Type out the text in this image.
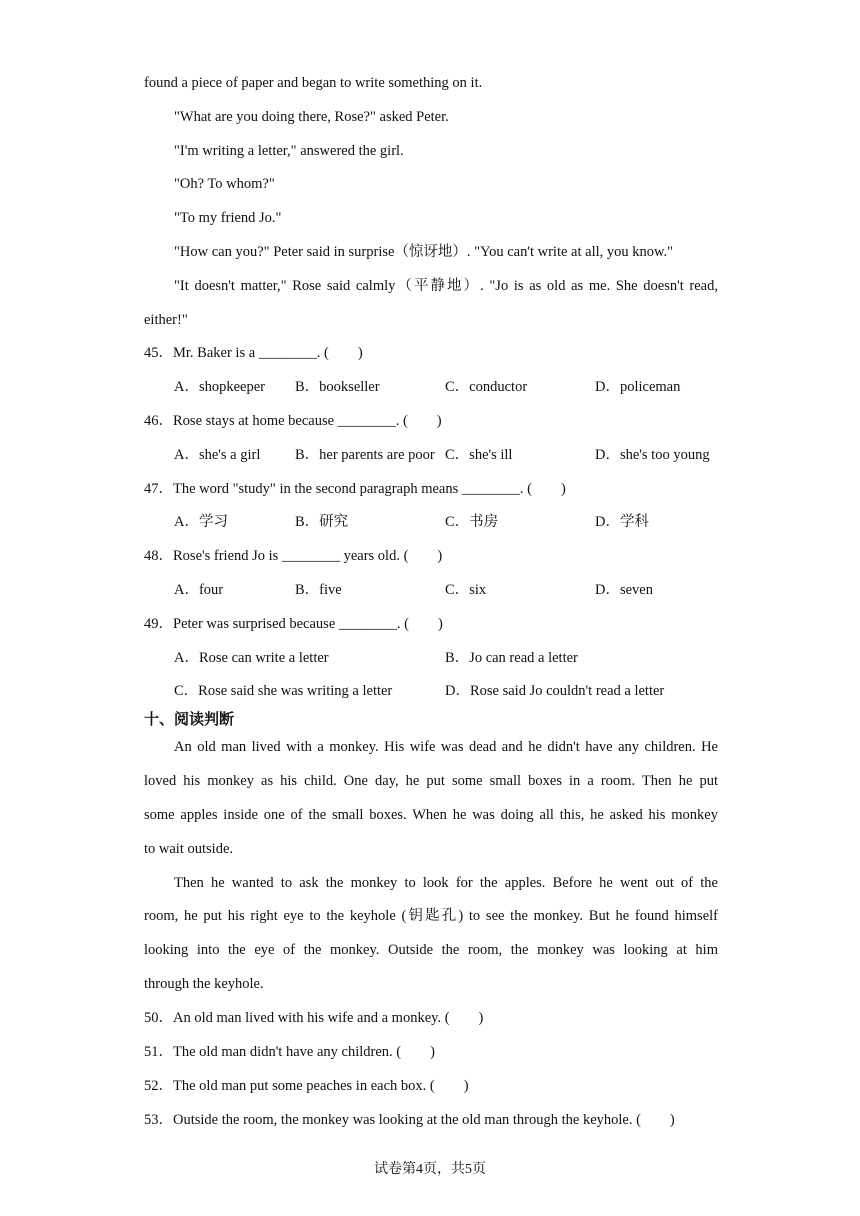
found a piece of paper and began to write something on it.
"What are you doing there, Rose?" asked Peter.
"I'm writing a letter," answered the girl.
"Oh? To whom?"
"To my friend Jo."
"How can you?" Peter said in surprise（惊讶地）. "You can't write at all, you know."
"It doesn't matter," Rose said calmly（平静地）. "Jo is as old as me. She doesn't read,
either!"
45．Mr. Baker is a ________. (　　)
A．shopkeeper B．bookseller	C．conductor	D．policeman
46．Rose stays at home because ________. (　　)
A．she's a girl B．her parents are poor C．she's ill	D．she's too young
47．The word "study" in the second paragraph means ________. (　　)
A．学习	B．研究	C．书房	D．学科
48．Rose's friend Jo is ________ years old. (　　)
A．four	B．five	C．six	D．seven
49．Peter was surprised because ________. (　　)
A．Rose can write a letter	B．Jo can read a letter
C．Rose said she was writing a letter	D．Rose said Jo couldn't read a letter
十、阅读判断
An old man lived with a monkey. His wife was dead and he didn't have any children. He
loved his monkey as his child. One day, he put some small boxes in a room. Then he put
some apples inside one of the small boxes. When he was doing all this, he asked his monkey
to wait outside.
Then he wanted to ask the monkey to look for the apples. Before he went out of the
room, he put his right eye to the keyhole (钥匙孔) to see the monkey. But he found himself
looking into the eye of the monkey. Outside the room, the monkey was looking at him
through the keyhole.
50．An old man lived with his wife and a monkey. (　　)
51．The old man didn't have any children. (　　)
52．The old man put some peaches in each box. (　　)
53．Outside the room, the monkey was looking at the old man through the keyhole. (　　)
试卷第4页，共5页
